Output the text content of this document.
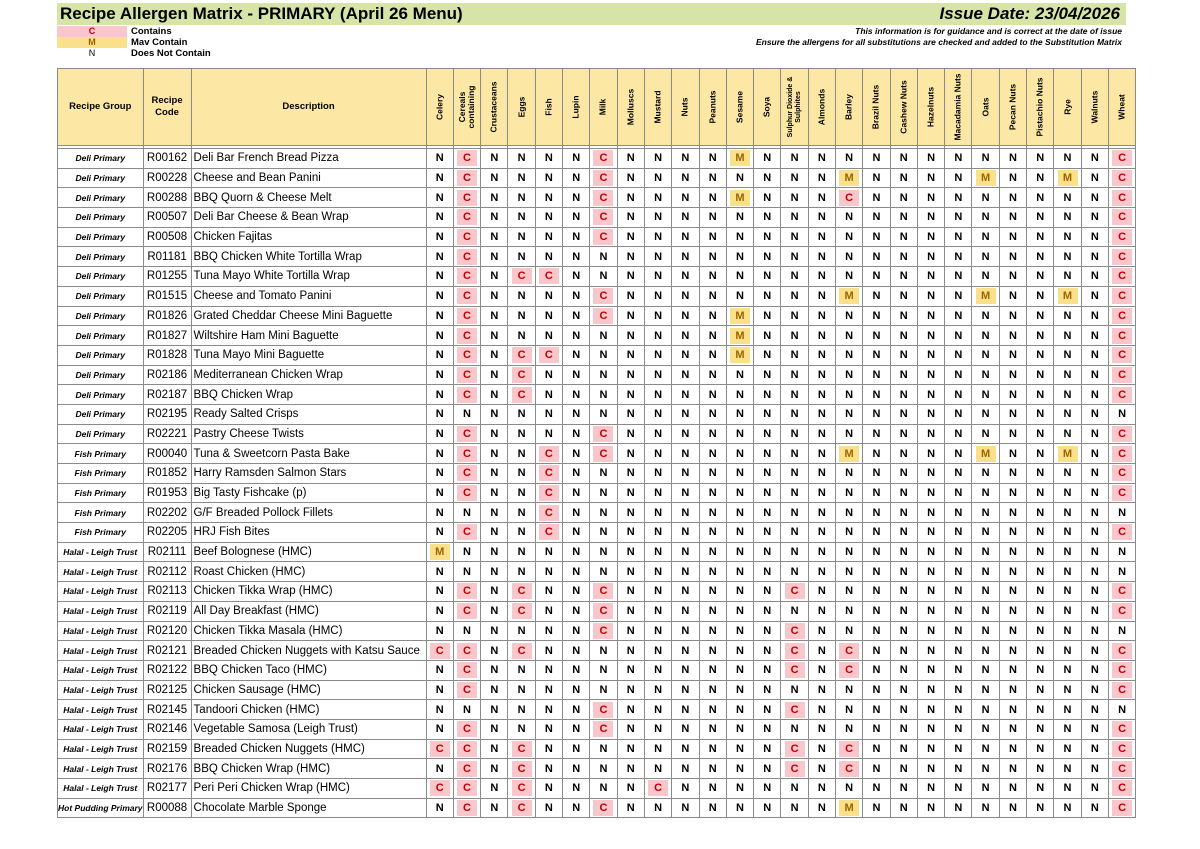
Recipe Allergen Matrix - PRIMARY (April 26 Menu)	Issue Date: 23/04/2026
C	Contains
M	Mav Contain
N	Does Not Contain
This information is for guidance and is correct at the date of issue
Ensure the allergens for all substitutions are checked and added to the Substitution Matrix
Recipe Group	Recipe Code	Description	Celery	Cereals containing	Crustaceans	Eggs	Fish	Lupin	Milk	Molluscs	Mustard	Nuts	Peanuts	Sesame	Soya	Sulphur Dioxide & Sulphites	Almonds	Barley	Brazil Nuts	Cashew Nuts	Hazelnuts	Macadamia Nuts	Oats	Pecan Nuts	Pistachio Nuts	Rye	Walnuts	Wheat

Deli Primary	R00162	Deli Bar French Bread Pizza	N	C	N	N	N	N	C	N	N	N	N	M	N	N	N	N	N	N	N	N	N	N	N	N	N	C
Deli Primary	R00228	Cheese and Bean Panini	N	C	N	N	N	N	C	N	N	N	N	N	N	N	N	M	N	N	N	N	M	N	N	M	N	C
Deli Primary	R00288	BBQ Quorn & Cheese Melt	N	C	N	N	N	N	C	N	N	N	N	M	N	N	N	C	N	N	N	N	N	N	N	N	N	C
Deli Primary	R00507	Deli Bar Cheese & Bean Wrap	N	C	N	N	N	N	C	N	N	N	N	N	N	N	N	N	N	N	N	N	N	N	N	N	N	C
Deli Primary	R00508	Chicken Fajitas	N	C	N	N	N	N	C	N	N	N	N	N	N	N	N	N	N	N	N	N	N	N	N	N	N	C
Deli Primary	R01181	BBQ Chicken White Tortilla Wrap	N	C	N	N	N	N	N	N	N	N	N	N	N	N	N	N	N	N	N	N	N	N	N	N	N	C
Deli Primary	R01255	Tuna Mayo White Tortilla Wrap	N	C	N	C	C	N	N	N	N	N	N	N	N	N	N	N	N	N	N	N	N	N	N	N	N	C
Deli Primary	R01515	Cheese and Tomato Panini	N	C	N	N	N	N	C	N	N	N	N	N	N	N	N	M	N	N	N	N	M	N	N	M	N	C
Deli Primary	R01826	Grated Cheddar Cheese Mini Baguette	N	C	N	N	N	N	C	N	N	N	N	M	N	N	N	N	N	N	N	N	N	N	N	N	N	C
Deli Primary	R01827	Wiltshire Ham Mini Baguette	N	C	N	N	N	N	N	N	N	N	N	M	N	N	N	N	N	N	N	N	N	N	N	N	N	C
Deli Primary	R01828	Tuna Mayo Mini Baguette	N	C	N	C	C	N	N	N	N	N	N	M	N	N	N	N	N	N	N	N	N	N	N	N	N	C
Deli Primary	R02186	Mediterranean Chicken Wrap	N	C	N	C	N	N	N	N	N	N	N	N	N	N	N	N	N	N	N	N	N	N	N	N	N	C
Deli Primary	R02187	BBQ Chicken Wrap	N	C	N	C	N	N	N	N	N	N	N	N	N	N	N	N	N	N	N	N	N	N	N	N	N	C
Deli Primary	R02195	Ready Salted Crisps	N	N	N	N	N	N	N	N	N	N	N	N	N	N	N	N	N	N	N	N	N	N	N	N	N	N
Deli Primary	R02221	Pastry Cheese Twists	N	C	N	N	N	N	C	N	N	N	N	N	N	N	N	N	N	N	N	N	N	N	N	N	N	C
Fish Primary	R00040	Tuna & Sweetcorn Pasta Bake	N	C	N	N	C	N	C	N	N	N	N	N	N	N	N	M	N	N	N	N	M	N	N	M	N	C
Fish Primary	R01852	Harry Ramsden Salmon Stars	N	C	N	N	C	N	N	N	N	N	N	N	N	N	N	N	N	N	N	N	N	N	N	N	N	C
Fish Primary	R01953	Big Tasty Fishcake (p)	N	C	N	N	C	N	N	N	N	N	N	N	N	N	N	N	N	N	N	N	N	N	N	N	N	C
Fish Primary	R02202	G/F Breaded Pollock Fillets	N	N	N	N	C	N	N	N	N	N	N	N	N	N	N	N	N	N	N	N	N	N	N	N	N	N
Fish Primary	R02205	HRJ Fish Bites	N	C	N	N	C	N	N	N	N	N	N	N	N	N	N	N	N	N	N	N	N	N	N	N	N	C
Halal - Leigh Trust	R02111	Beef Bolognese (HMC)	M	N	N	N	N	N	N	N	N	N	N	N	N	N	N	N	N	N	N	N	N	N	N	N	N	N
Halal - Leigh Trust	R02112	Roast Chicken (HMC)	N	N	N	N	N	N	N	N	N	N	N	N	N	N	N	N	N	N	N	N	N	N	N	N	N	N
Halal - Leigh Trust	R02113	Chicken Tikka Wrap (HMC)	N	C	N	C	N	N	C	N	N	N	N	N	N	C	N	N	N	N	N	N	N	N	N	N	N	C
Halal - Leigh Trust	R02119	All Day Breakfast (HMC)	N	C	N	C	N	N	C	N	N	N	N	N	N	N	N	N	N	N	N	N	N	N	N	N	N	C
Halal - Leigh Trust	R02120	Chicken Tikka Masala (HMC)	N	N	N	N	N	N	C	N	N	N	N	N	N	C	N	N	N	N	N	N	N	N	N	N	N	N
Halal - Leigh Trust	R02121	Breaded Chicken Nuggets with Katsu Sauce	C	C	N	C	N	N	N	N	N	N	N	N	N	C	N	C	N	N	N	N	N	N	N	N	N	C
Halal - Leigh Trust	R02122	BBQ Chicken Taco (HMC)	N	C	N	N	N	N	N	N	N	N	N	N	N	C	N	C	N	N	N	N	N	N	N	N	N	C
Halal - Leigh Trust	R02125	Chicken Sausage (HMC)	N	C	N	N	N	N	N	N	N	N	N	N	N	N	N	N	N	N	N	N	N	N	N	N	N	C
Halal - Leigh Trust	R02145	Tandoori Chicken (HMC)	N	N	N	N	N	N	C	N	N	N	N	N	N	C	N	N	N	N	N	N	N	N	N	N	N	N
Halal - Leigh Trust	R02146	Vegetable Samosa (Leigh Trust)	N	C	N	N	N	N	C	N	N	N	N	N	N	N	N	N	N	N	N	N	N	N	N	N	N	C
Halal - Leigh Trust	R02159	Breaded Chicken Nuggets (HMC)	C	C	N	C	N	N	N	N	N	N	N	N	N	C	N	C	N	N	N	N	N	N	N	N	N	C
Halal - Leigh Trust	R02176	BBQ Chicken Wrap (HMC)	N	C	N	C	N	N	N	N	N	N	N	N	N	C	N	C	N	N	N	N	N	N	N	N	N	C
Halal - Leigh Trust	R02177	Peri Peri Chicken Wrap (HMC)	C	C	N	C	N	N	N	N	C	N	N	N	N	N	N	N	N	N	N	N	N	N	N	N	N	C
Hot Pudding Primary	R00088	Chocolate Marble Sponge	N	C	N	C	N	N	C	N	N	N	N	N	N	N	N	M	N	N	N	N	N	N	N	N	N	C
